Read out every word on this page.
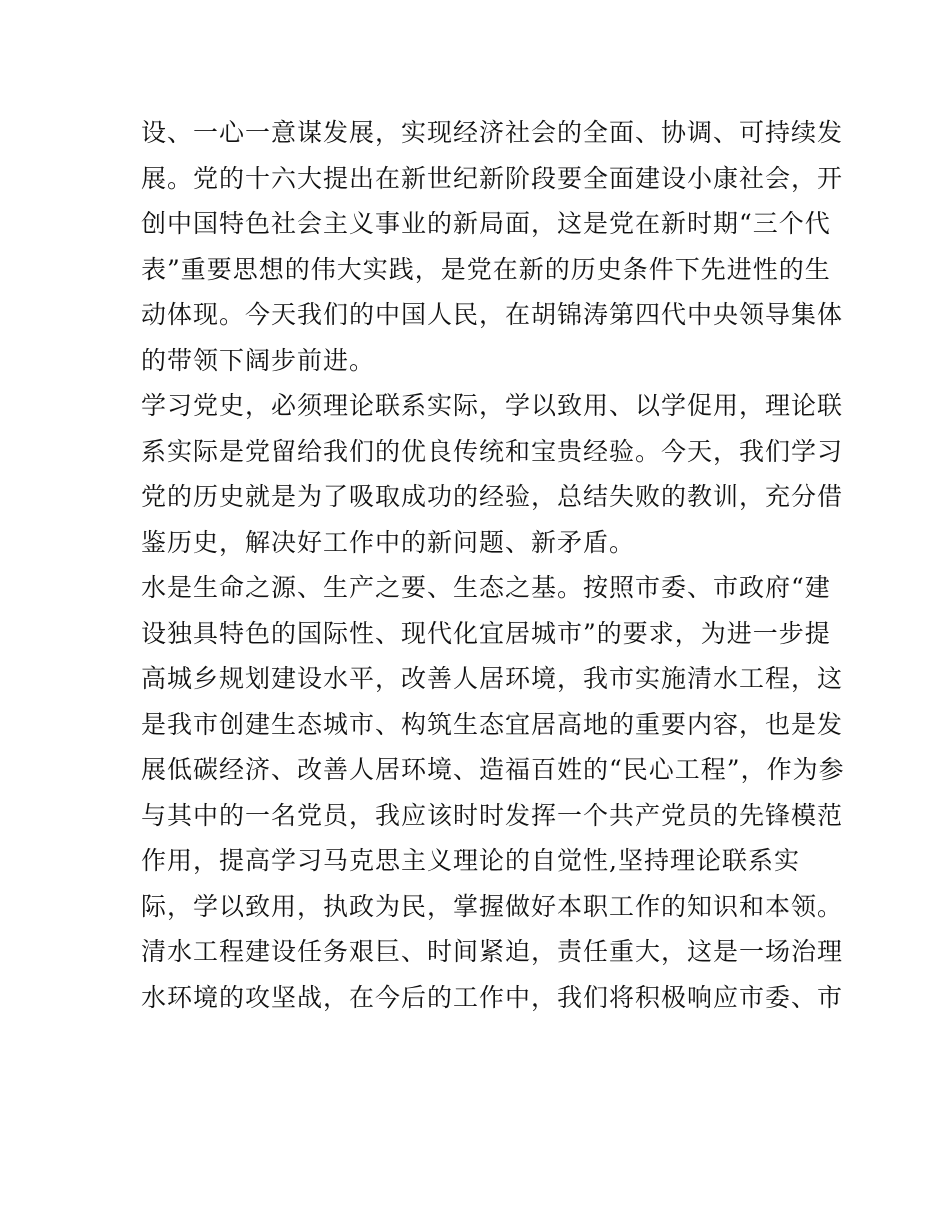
设、一心一意谋发展，实现经济社会的全面、协调、可持续发
展。党的十六大提出在新世纪新阶段要全面建设小康社会，开
创中国特色社会主义事业的新局面，这是党在新时期“三个代
表”重要思想的伟大实践，是党在新的历史条件下先进性的生
动体现。今天我们的中国人民，在胡锦涛第四代中央领导集体
的带领下阔步前进。
学习党史，必须理论联系实际，学以致用、以学促用，理论联
系实际是党留给我们的优良传统和宝贵经验。今天，我们学习
党的历史就是为了吸取成功的经验，总结失败的教训，充分借
鉴历史，解决好工作中的新问题、新矛盾。
水是生命之源、生产之要、生态之基。按照市委、市政府“建
设独具特色的国际性、现代化宜居城市”的要求，为进一步提
高城乡规划建设水平，改善人居环境，我市实施清水工程，这
是我市创建生态城市、构筑生态宜居高地的重要内容，也是发
展低碳经济、改善人居环境、造福百姓的“民心工程”，作为参
与其中的一名党员，我应该时时发挥一个共产党员的先锋模范
作用，提高学习马克思主义理论的自觉性,坚持理论联系实
际，学以致用，执政为民，掌握做好本职工作的知识和本领。
清水工程建设任务艰巨、时间紧迫，责任重大，这是一场治理
水环境的攻坚战，在今后的工作中，我们将积极响应市委、市
